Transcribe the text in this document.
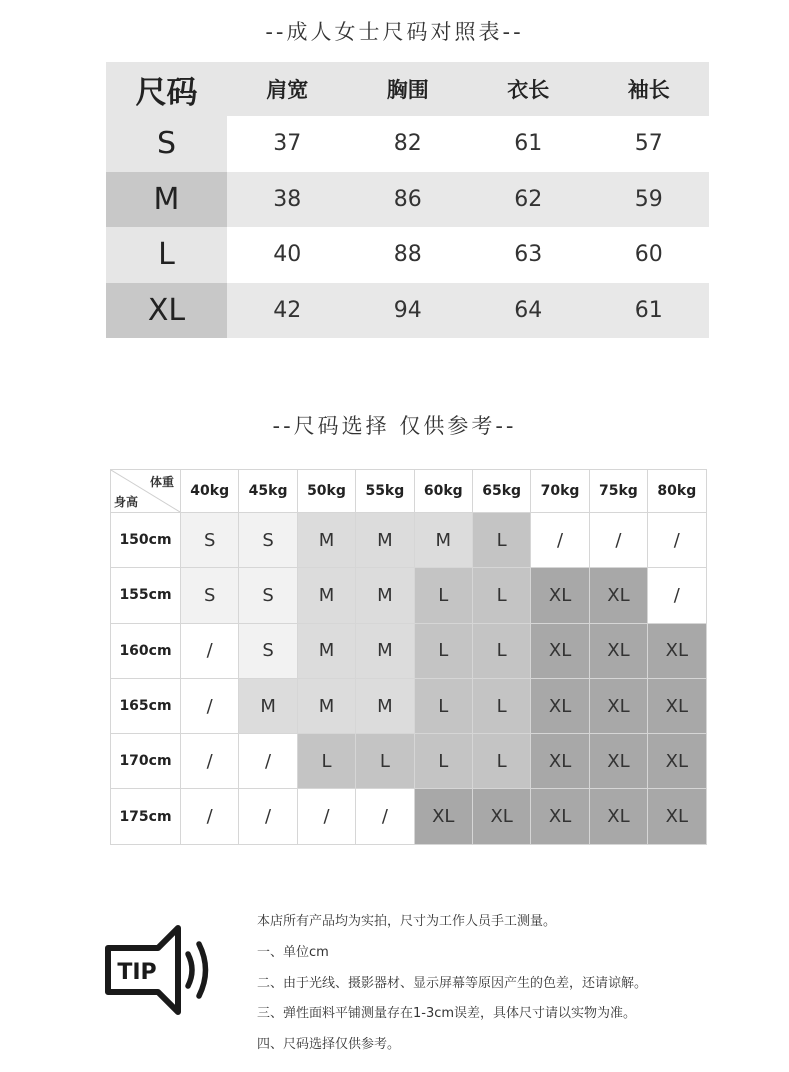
--成人女士尺码对照表--
尺码	肩宽	胸围	衣长	袖长
S	37	82	61	57
M	38	86	62	59
L	40	88	63	60
XL	42	94	64	61
--尺码选择 仅供参考--
体重
身高
40kg	45kg	50kg	55kg	60kg	65kg	70kg	75kg	80kg
150cm	S	S	M	M	M	L	/	/	/
155cm	S	S	M	M	L	L	XL	XL	/
160cm	/	S	M	M	L	L	XL	XL	XL
165cm	/	M	M	M	L	L	XL	XL	XL
170cm	/	/	L	L	L	L	XL	XL	XL
175cm	/	/	/	/	XL	XL	XL	XL	XL
TIP
本店所有产品均为实拍，尺寸为工作人员手工测量。
一、单位cm
二、由于光线、摄影器材、显示屏幕等原因产生的色差，还请谅解。
三、弹性面料平铺测量存在1-3cm误差，具体尺寸请以实物为准。
四、尺码选择仅供参考。
